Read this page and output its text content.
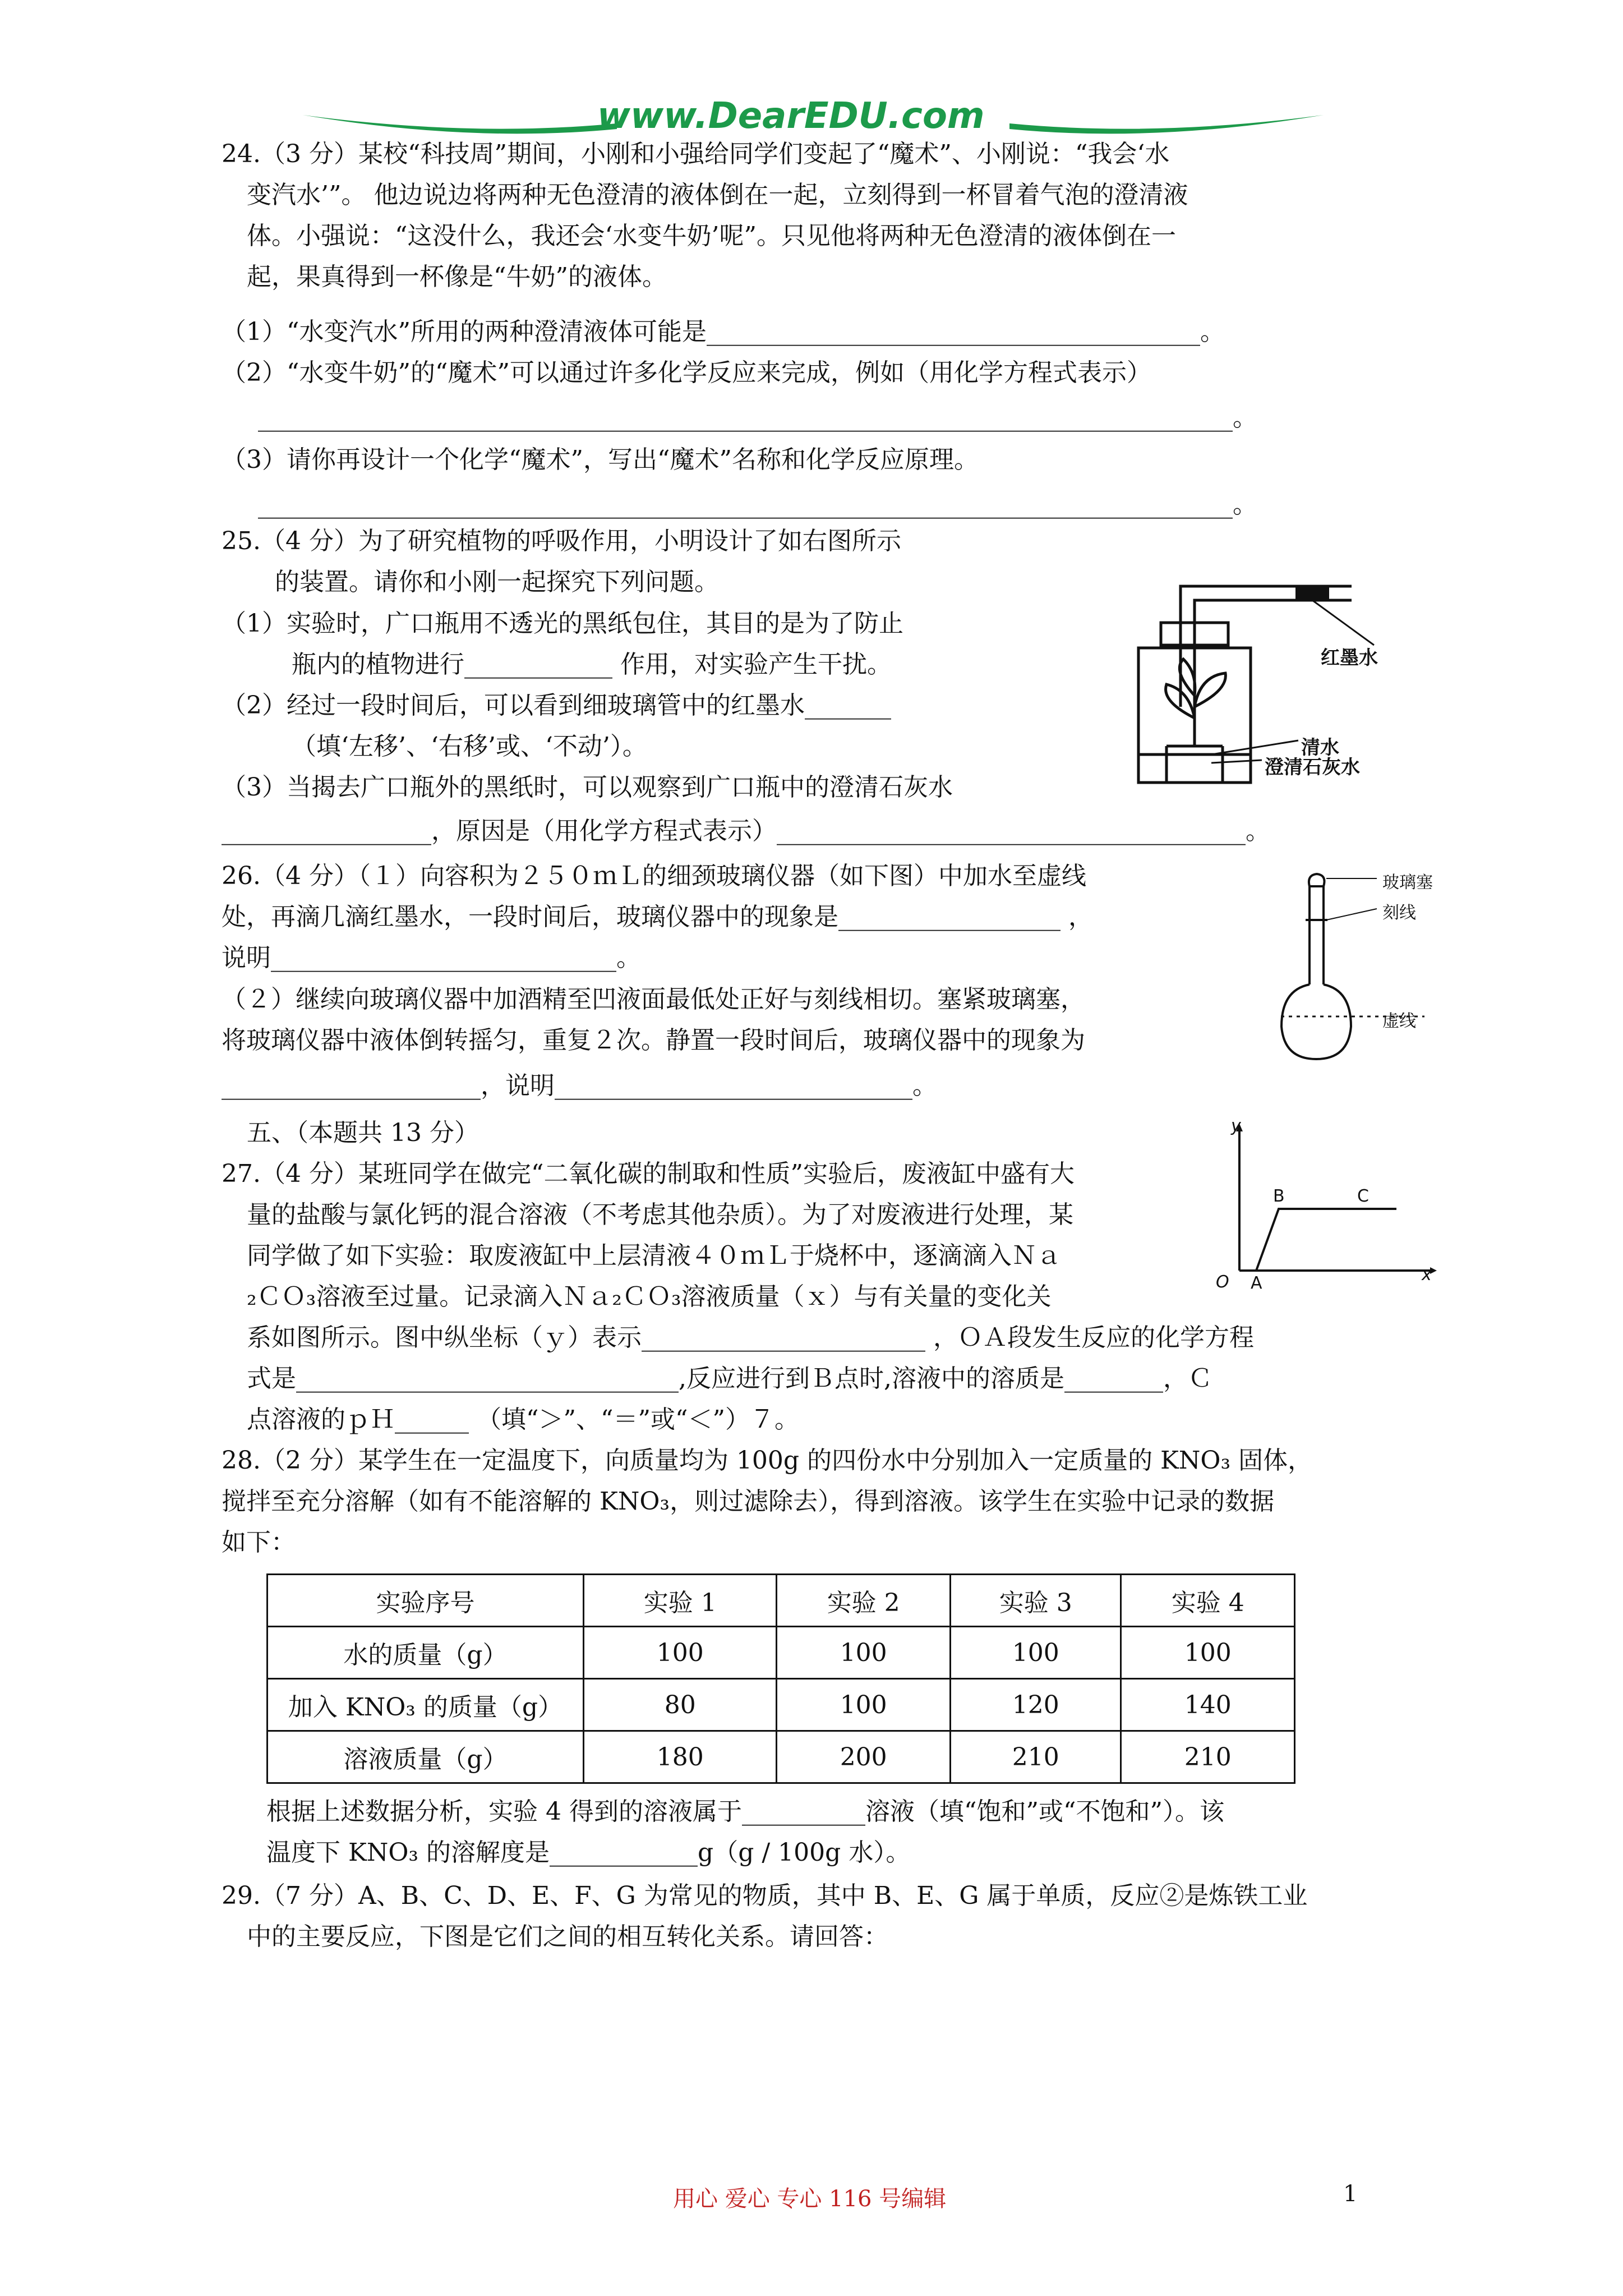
www.DearEDU.com
24.（3 分）某校“科技周”期间，小刚和小强给同学们变起了“魔术”、小刚说：“我会‘水
变汽水’”。 他边说边将两种无色澄清的液体倒在一起，立刻得到一杯冒着气泡的澄清液
体。小强说：“这没什么，我还会‘水变牛奶’呢”。只见他将两种无色澄清的液体倒在一
起，果真得到一杯像是“牛奶”的液体。
（1）“水变汽水”所用的两种澄清液体可能是________________________________________。
（2）“水变牛奶”的“魔术”可以通过许多化学反应来完成，例如（用化学方程式表示）
_______________________________________________________________________________。
（3）请你再设计一个化学“魔术”，写出“魔术”名称和化学反应原理。
_______________________________________________________________________________。
25.（4 分）为了研究植物的呼吸作用，小明设计了如右图所示
的装置。请你和小刚一起探究下列问题。
（1）实验时，广口瓶用不透光的黑纸包住，其目的是为了防止
瓶内的植物进行____________ 作用，对实验产生干扰。
（2）经过一段时间后，可以看到细玻璃管中的红墨水_______
（填‘左移’、‘右移’或、‘不动’）。
（3）当揭去广口瓶外的黑纸时，可以观察到广口瓶中的澄清石灰水
_________________，原因是（用化学方程式表示）______________________________________。
红墨水
清水
澄清石灰水
26.（4 分）（１）向容积为２５０ｍＬ的细颈玻璃仪器（如下图）中加水至虚线
处，再滴几滴红墨水，一段时间后，玻璃仪器中的现象是__________________ ，
说明____________________________。
（２）继续向玻璃仪器中加酒精至凹液面最低处正好与刻线相切。塞紧玻璃塞，
将玻璃仪器中液体倒转摇匀，重复２次。静置一段时间后，玻璃仪器中的现象为
_____________________，说明_____________________________。
玻璃塞
刻线
虚线
五、（本题共 13 分）
27.（4 分）某班同学在做完“二氧化碳的制取和性质”实验后，废液缸中盛有大
量的盐酸与氯化钙的混合溶液（不考虑其他杂质）。为了对废液进行处理，某
同学做了如下实验：取废液缸中上层清液４０ｍＬ于烧杯中，逐滴滴入Ｎａ
₂ＣＯ₃溶液至过量。记录滴入Ｎａ₂ＣＯ₃溶液质量（ｘ）与有关量的变化关
系如图所示。图中纵坐标（ｙ）表示_______________________ ，ＯＡ段发生反应的化学方程
式是_______________________________,反应进行到Ｂ点时,溶液中的溶质是________，Ｃ
点溶液的ｐＨ______ （填“＞”、“＝”或“＜”）７。
y
x
O A
B	C
28.（2 分）某学生在一定温度下，向质量均为 100g 的四份水中分别加入一定质量的 KNO₃ 固体，
搅拌至充分溶解（如有不能溶解的 KNO₃，则过滤除去），得到溶液。该学生在实验中记录的数据
如下：
实验序号	实验 1	实验 2	实验 3	实验 4
水的质量（g）	100	100	100	100
加入 KNO₃ 的质量（g）	80	100	120	140
溶液质量（g）	180	200	210	210
根据上述数据分析，实验 4 得到的溶液属于__________溶液（填“饱和”或“不饱和”）。该
温度下 KNO₃ 的溶解度是____________g（g / 100g 水）。
29.（7 分）A、B、C、D、E、F、G 为常见的物质，其中 B、E、G 属于单质，反应②是炼铁工业
中的主要反应，下图是它们之间的相互转化关系。请回答：
用心 爱心 专心 116 号编辑	1
